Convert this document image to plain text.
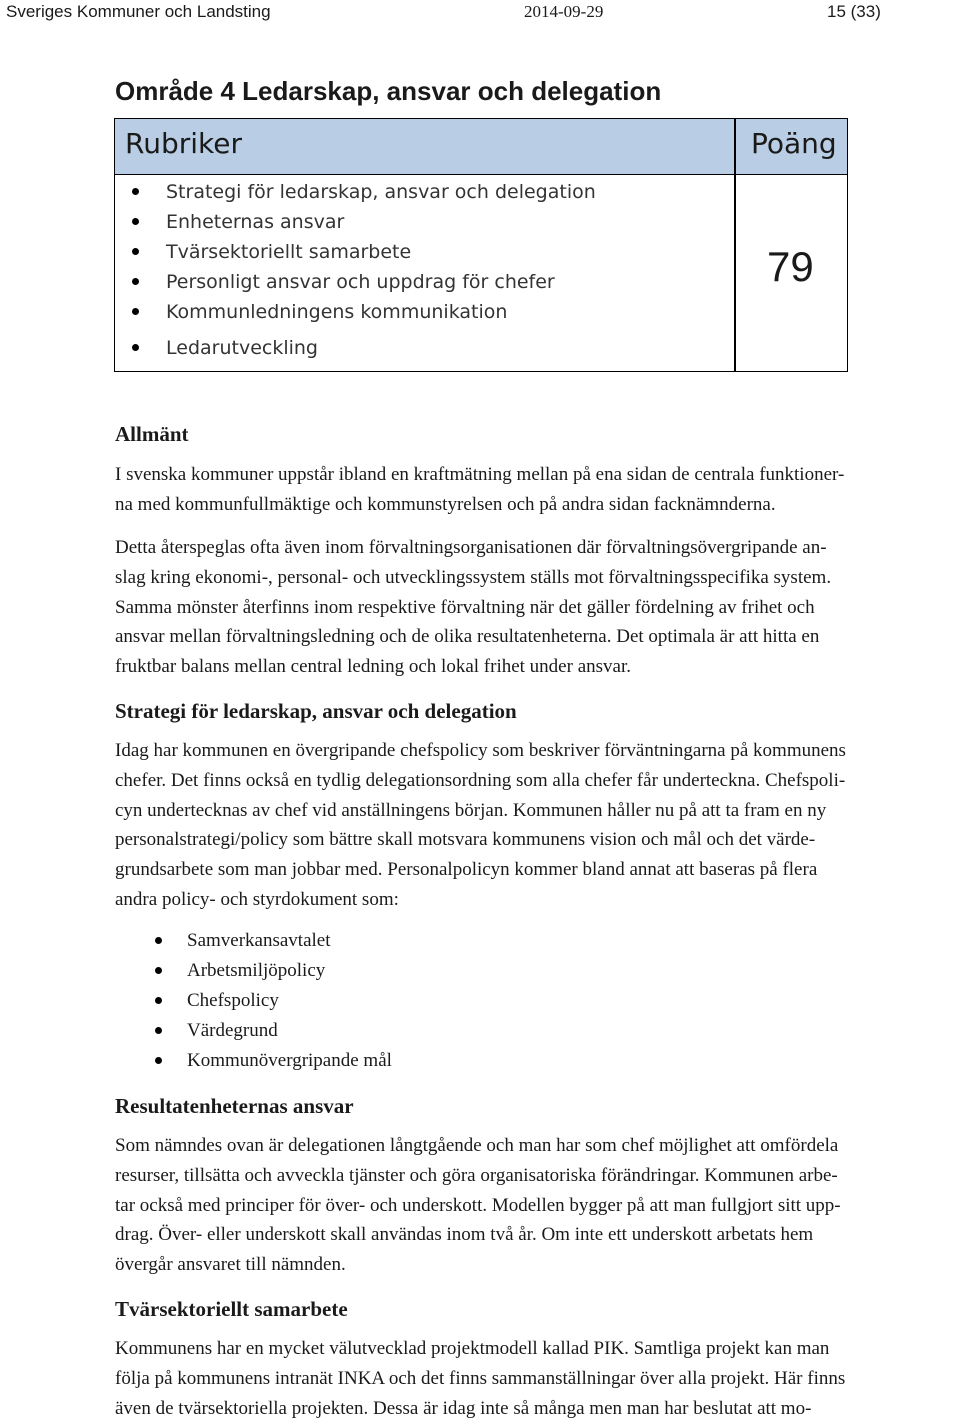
Sveriges Kommuner och Landsting	2014-09-29	15 (33)
Område 4 Ledarskap, ansvar och delegation
Rubriker	Poäng
Strategi för ledarskap, ansvar och delegation
Enheternas ansvar
Tvärsektoriellt samarbete
Personligt ansvar och uppdrag för chefer
Kommunledningens kommunikation
Ledarutveckling
79
Allmänt
I svenska kommuner uppstår ibland en kraftmätning mellan på ena sidan de centrala funktioner-
na med kommunfullmäktige och kommunstyrelsen och på andra sidan facknämnderna.
Detta återspeglas ofta även inom förvaltningsorganisationen där förvaltningsövergripande an-
slag kring ekonomi-, personal- och utvecklingssystem ställs mot förvaltningsspecifika system.
Samma mönster återfinns inom respektive förvaltning när det gäller fördelning av frihet och
ansvar mellan förvaltningsledning och de olika resultatenheterna. Det optimala är att hitta en
fruktbar balans mellan central ledning och lokal frihet under ansvar.
Strategi för ledarskap, ansvar och delegation
Idag har kommunen en övergripande chefspolicy som beskriver förväntningarna på kommunens
chefer. Det finns också en tydlig delegationsordning som alla chefer får underteckna. Chefspoli-
cyn undertecknas av chef vid anställningens början. Kommunen håller nu på att ta fram en ny
personalstrategi/policy som bättre skall motsvara kommunens vision och mål och det värde-
grundsarbete som man jobbar med. Personalpolicyn kommer bland annat att baseras på flera
andra policy- och styrdokument som:
Samverkansavtalet
Arbetsmiljöpolicy
Chefspolicy
Värdegrund
Kommunövergripande mål
Resultatenheternas ansvar
Som nämndes ovan är delegationen långtgående och man har som chef möjlighet att omfördela
resurser, tillsätta och avveckla tjänster och göra organisatoriska förändringar. Kommunen arbe-
tar också med principer för över- och underskott. Modellen bygger på att man fullgjort sitt upp-
drag. Över- eller underskott skall användas inom två år. Om inte ett underskott arbetats hem
övergår ansvaret till nämnden.
Tvärsektoriellt samarbete
Kommunens har en mycket välutvecklad projektmodell kallad PIK. Samtliga projekt kan man
följa på kommunens intranät INKA och det finns sammanställningar över alla projekt. Här finns
även de tvärsektoriella projekten. Dessa är idag inte så många men man har beslutat att mo-
